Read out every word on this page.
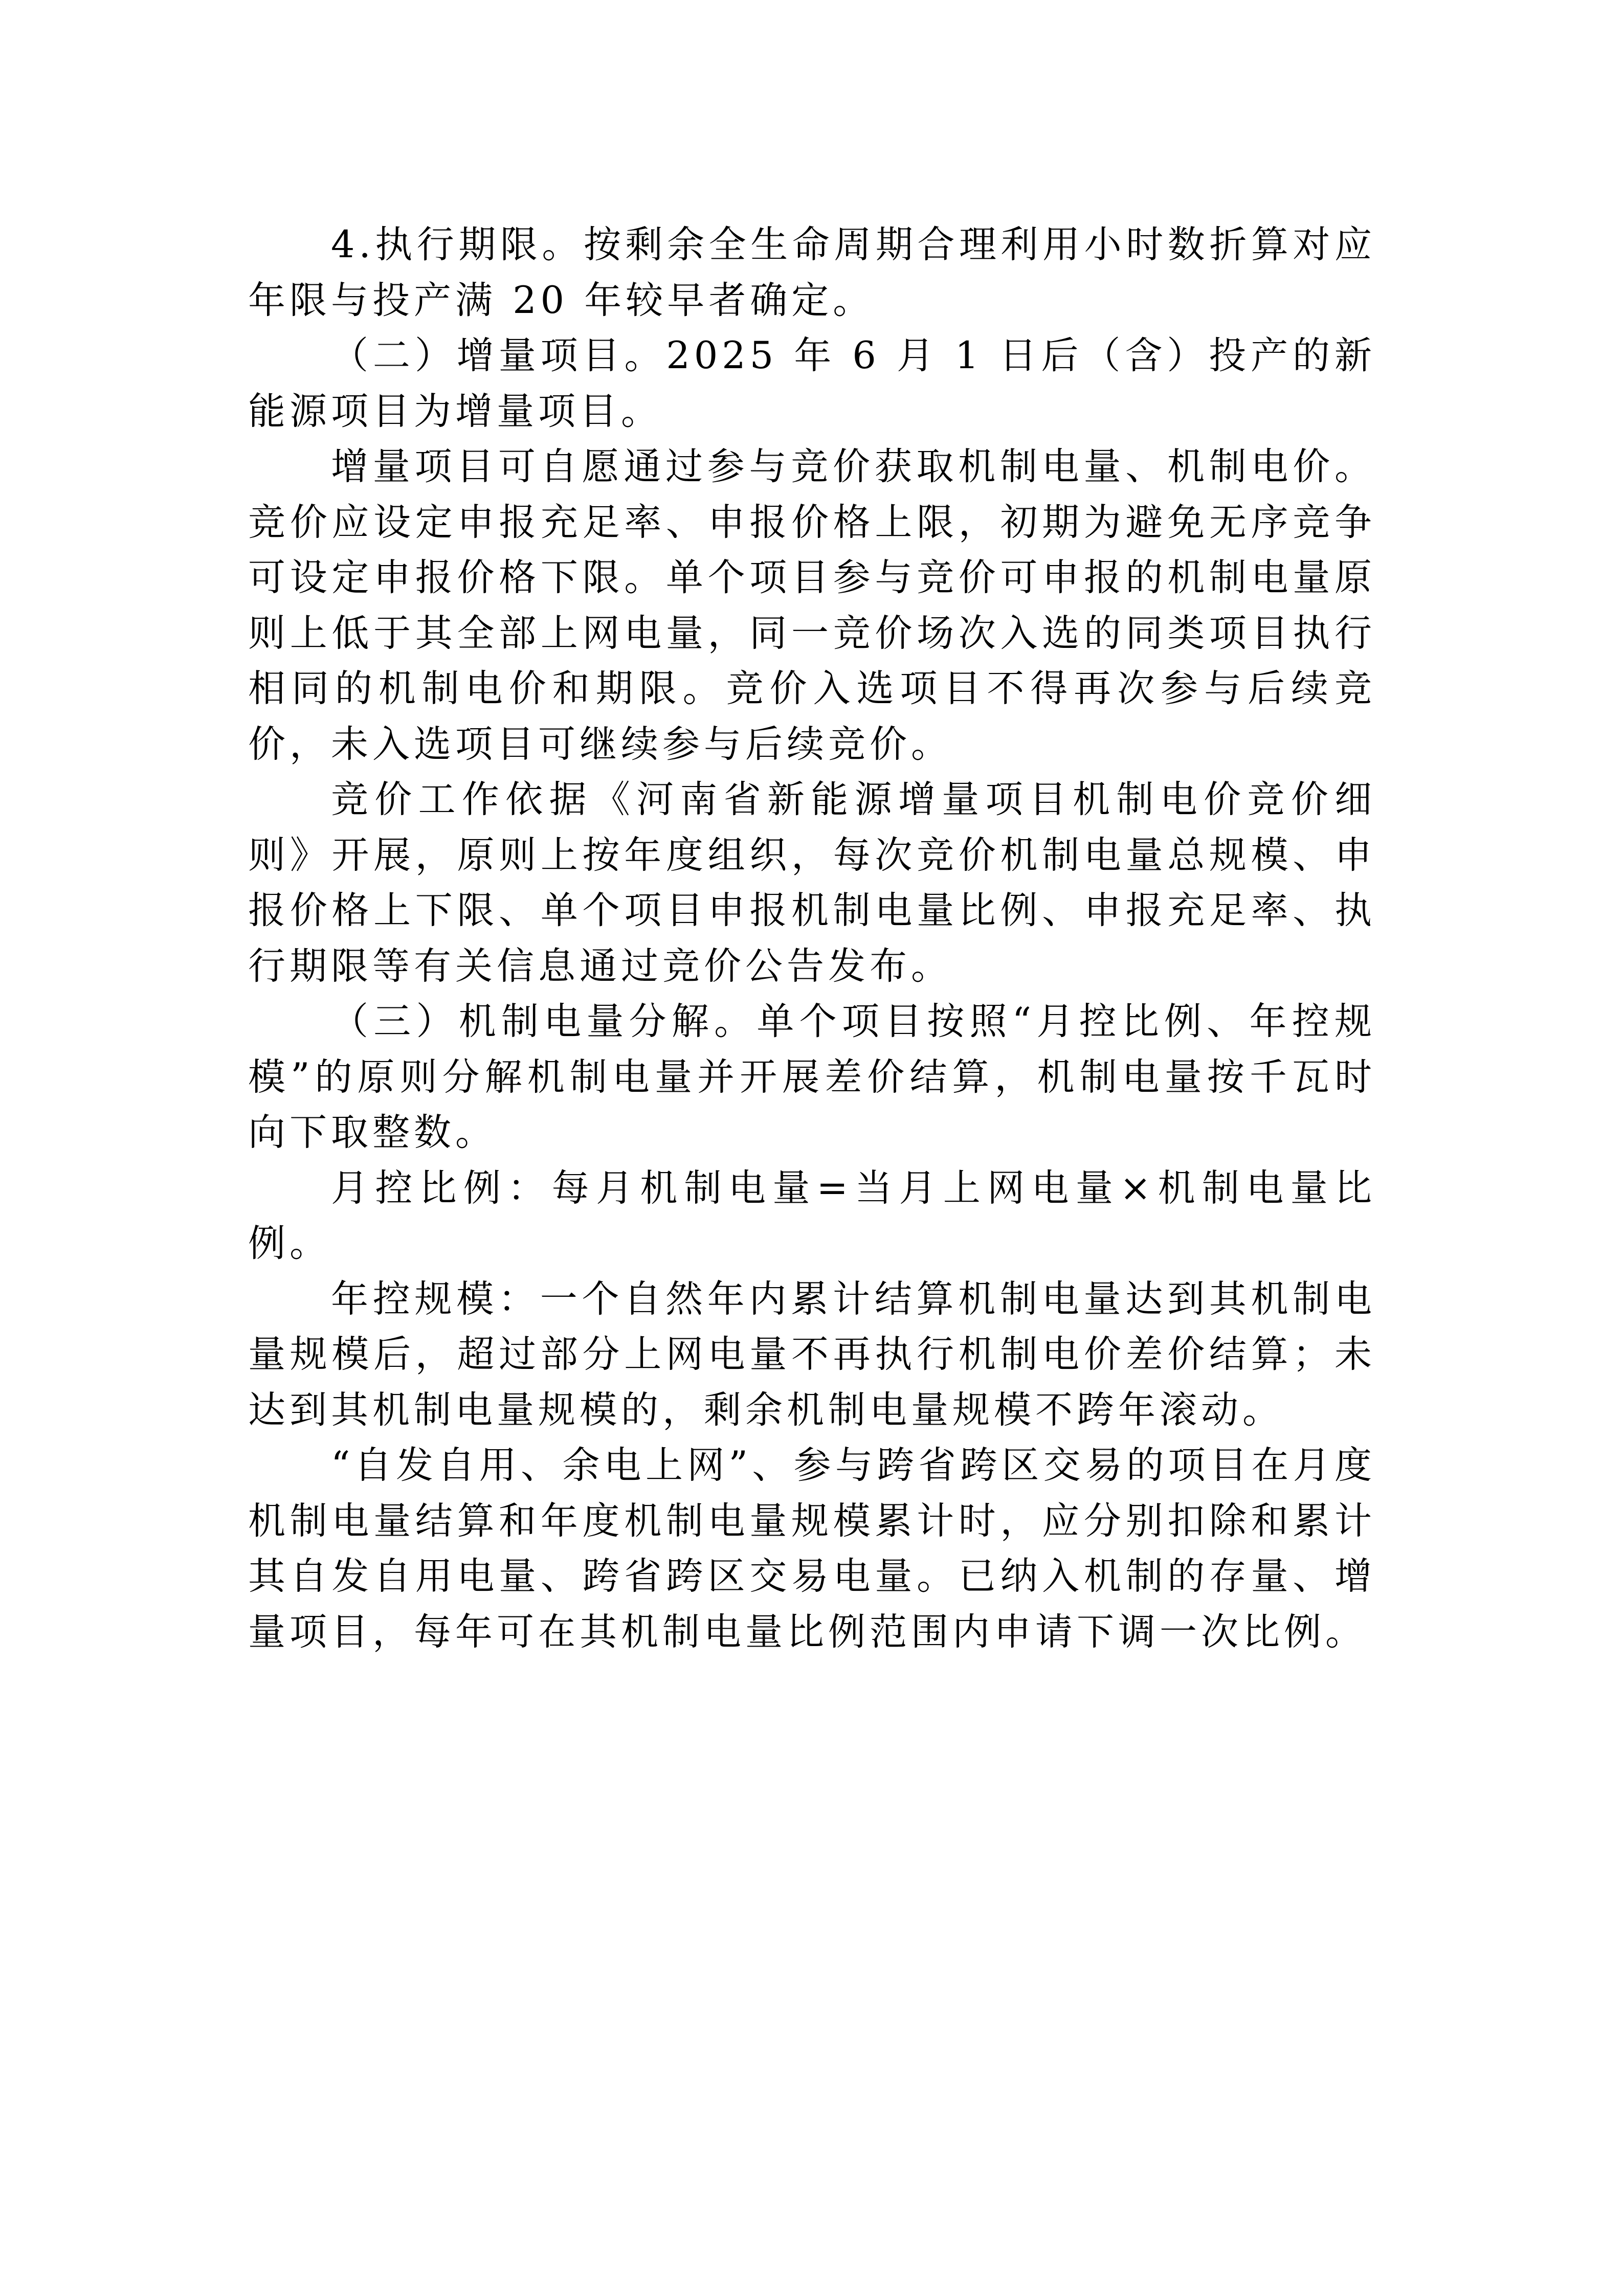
4.执行期限。按剩余全生命周期合理利用小时数折算对应年限与投产满 20 年较早者确定。

（二）增量项目。2025 年 6 月 1 日后（含）投产的新能源项目为增量项目。

增量项目可自愿通过参与竞价获取机制电量、机制电价。竞价应设定申报充足率、申报价格上限，初期为避免无序竞争可设定申报价格下限。单个项目参与竞价可申报的机制电量原则上低于其全部上网电量，同一竞价场次入选的同类项目执行相同的机制电价和期限。竞价入选项目不得再次参与后续竞价，未入选项目可继续参与后续竞价。

竞价工作依据《河南省新能源增量项目机制电价竞价细则》开展，原则上按年度组织，每次竞价机制电量总规模、申报价格上下限、单个项目申报机制电量比例、申报充足率、执行期限等有关信息通过竞价公告发布。

（三）机制电量分解。单个项目按照“月控比例、年控规模”的原则分解机制电量并开展差价结算，机制电量按千瓦时向下取整数。

月控比例：每月机制电量=当月上网电量×机制电量比例。

年控规模：一个自然年内累计结算机制电量达到其机制电量规模后，超过部分上网电量不再执行机制电价差价结算；未达到其机制电量规模的，剩余机制电量规模不跨年滚动。

“自发自用、余电上网”、参与跨省跨区交易的项目在月度机制电量结算和年度机制电量规模累计时，应分别扣除和累计其自发自用电量、跨省跨区交易电量。已纳入机制的存量、增量项目，每年可在其机制电量比例范围内申请下调一次比例。
